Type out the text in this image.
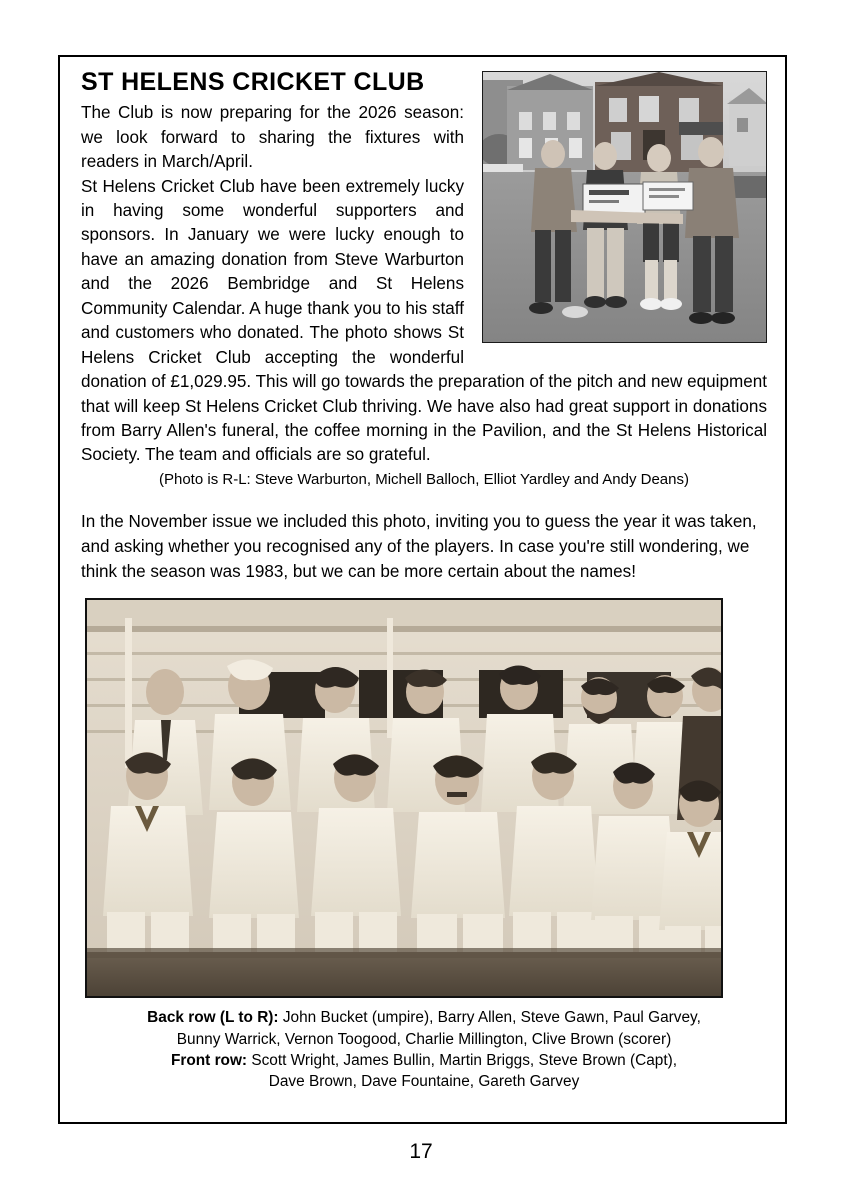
ST HELENS CRICKET CLUB

The Club is now preparing for the 2026 season: we look forward to sharing the fixtures with readers in March/April.

St Helens Cricket Club have been extremely lucky in having some wonderful supporters and sponsors. In January we were lucky enough to have an amazing donation from Steve Warburton and the 2026 Bembridge and St Helens Community Calendar. A huge thank you to his staff and customers who donated. The photo shows St Helens Cricket Club accepting the wonderful donation of £1,029.95. This will go towards the preparation of the pitch and new equipment that will keep St Helens Cricket Club thriving. We have also had great support in donations from Barry Allen's funeral, the coffee morning in the Pavilion, and the St Helens Historical Society. The team and officials are so grateful.

(Photo is R-L: Steve Warburton, Michell Balloch, Elliot Yardley and Andy Deans)

In the November issue we included this photo, inviting you to guess the year it was taken, and asking whether you recognised any of the players. In case you're still wondering, we think the season was 1983, but we can be more certain about the names!

Back row (L to R): John Bucket (umpire), Barry Allen, Steve Gawn, Paul Garvey,
Bunny Warrick, Vernon Toogood, Charlie Millington, Clive Brown (scorer)
Front row: Scott Wright, James Bullin, Martin Briggs, Steve Brown (Capt),
Dave Brown, Dave Fountaine, Gareth Garvey
17
